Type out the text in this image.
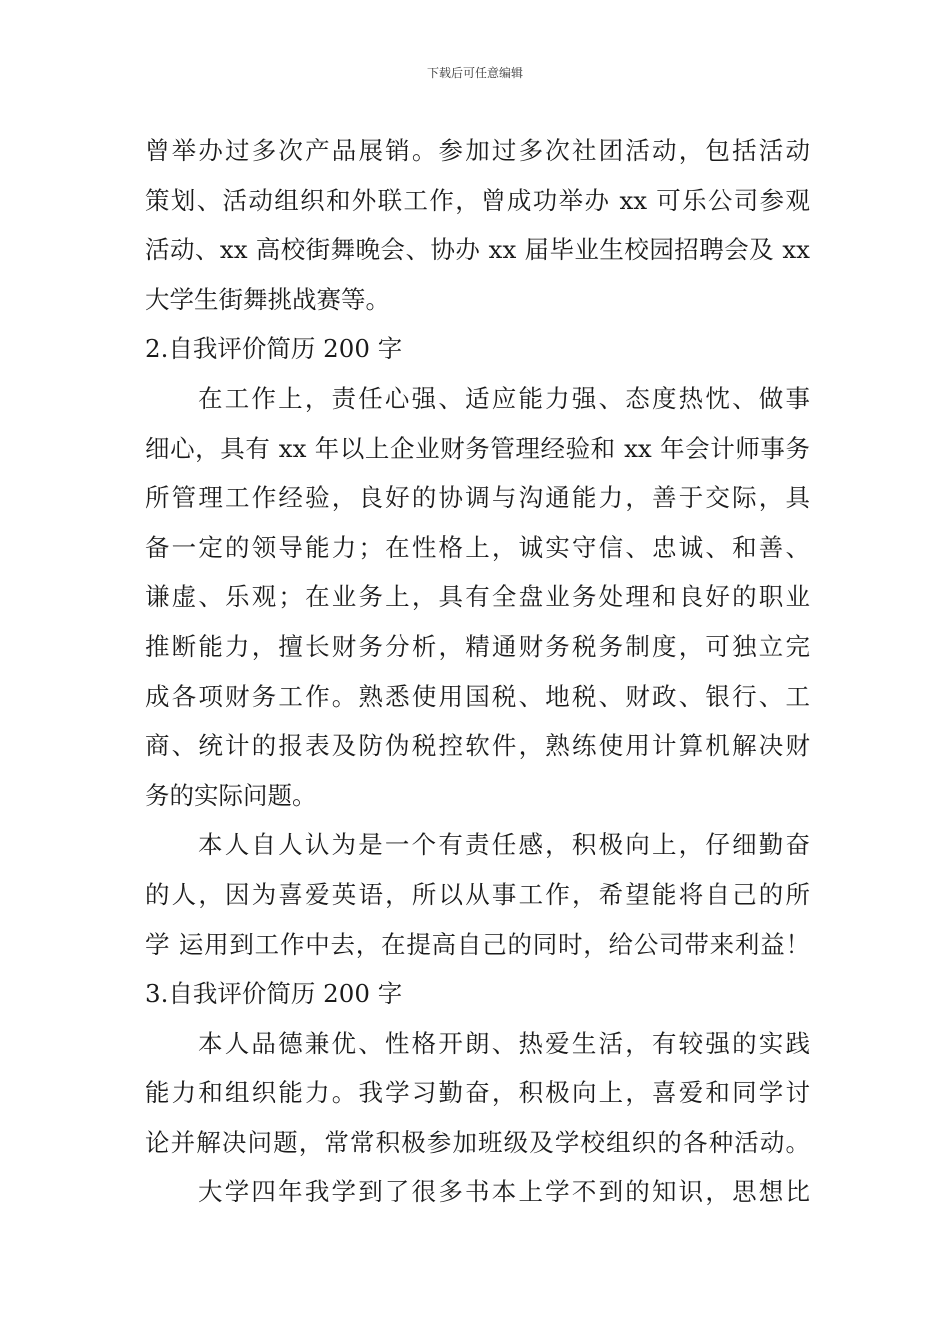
下载后可任意编辑
曾举办过多次产品展销。参加过多次社团活动，包括活动
策划、活动组织和外联工作，曾成功举办 xx 可乐公司参观
活动、xx 高校街舞晚会、协办 xx 届毕业生校园招聘会及 xx
大学生街舞挑战赛等。
2.自我评价简历 200 字
在工作上，责任心强、适应能力强、态度热忱、做事
细心，具有 xx 年以上企业财务管理经验和 xx 年会计师事务
所管理工作经验，良好的协调与沟通能力，善于交际，具
备一定的领导能力；在性格上，诚实守信、忠诚、和善、
谦虚、乐观；在业务上，具有全盘业务处理和良好的职业
推断能力，擅长财务分析，精通财务税务制度，可独立完
成各项财务工作。熟悉使用国税、地税、财政、银行、工
商、统计的报表及防伪税控软件，熟练使用计算机解决财
务的实际问题。
本人自人认为是一个有责任感，积极向上，仔细勤奋
的人，因为喜爱英语，所以从事工作，希望能将自己的所
学 运用到工作中去，在提高自己的同时，给公司带来利益！
3.自我评价简历 200 字
本人品德兼优、性格开朗、热爱生活，有较强的实践
能力和组织能力。我学习勤奋，积极向上，喜爱和同学讨
论并解决问题，常常积极参加班级及学校组织的各种活动。
大学四年我学到了很多书本上学不到的知识，思想比
